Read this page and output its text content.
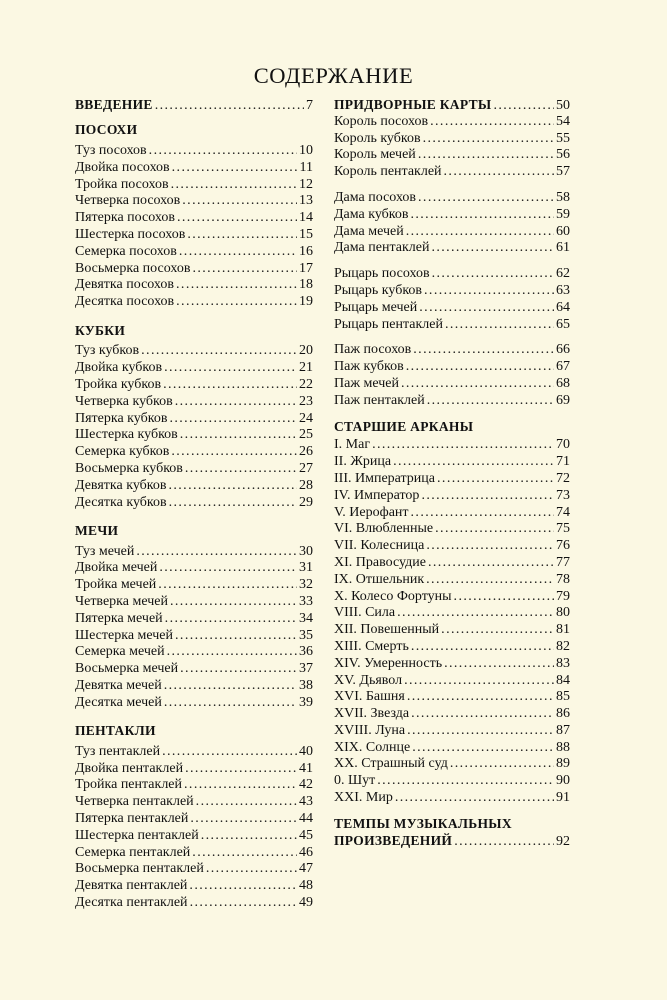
СОДЕРЖАНИЕ
ВВЕДЕНИЕ .....	7
ПОСОХИ
Туз посохов .....	10
Двойка посохов .....	11
Тройка посохов .....	12
Четверка посохов .....	13
Пятерка посохов .....	14
Шестерка посохов .....	15
Семерка посохов .....	16
Восьмерка посохов .....	17
Девятка посохов .....	18
Десятка посохов .....	19
КУБКИ
Туз кубков .....	20
Двойка кубков .....	21
Тройка кубков .....	22
Четверка кубков .....	23
Пятерка кубков .....	24
Шестерка кубков .....	25
Семерка кубков .....	26
Восьмерка кубков .....	27
Девятка кубков .....	28
Десятка кубков .....	29
МЕЧИ
Туз мечей .....	30
Двойка мечей .....	31
Тройка мечей .....	32
Четверка мечей .....	33
Пятерка мечей .....	34
Шестерка мечей .....	35
Семерка мечей .....	36
Восьмерка мечей .....	37
Девятка мечей .....	38
Десятка мечей .....	39
ПЕНТАКЛИ
Туз пентаклей .....	40
Двойка пентаклей .....	41
Тройка пентаклей .....	42
Четверка пентаклей .....	43
Пятерка пентаклей .....	44
Шестерка пентаклей .....	45
Семерка пентаклей .....	46
Восьмерка пентаклей .....	47
Девятка пентаклей .....	48
Десятка пентаклей .....	49
ПРИДВОРНЫЕ КАРТЫ .....	50
Король посохов .....	54
Король кубков .....	55
Король мечей .....	56
Король пентаклей .....	57
Дама посохов .....	58
Дама кубков .....	59
Дама мечей .....	60
Дама пентаклей .....	61
Рыцарь посохов .....	62
Рыцарь кубков .....	63
Рыцарь мечей .....	64
Рыцарь пентаклей .....	65
Паж посохов .....	66
Паж кубков .....	67
Паж мечей .....	68
Паж пентаклей .....	69
СТАРШИЕ АРКАНЫ
I. Маг .....	70
II. Жрица .....	71
III. Императрица .....	72
IV. Император .....	73
V. Иерофант .....	74
VI. Влюбленные .....	75
VII. Колесница .....	76
XI. Правосудие .....	77
IX. Отшельник .....	78
X. Колесо Фортуны .....	79
VIII. Сила .....	80
XII. Повешенный .....	81
XIII. Смерть .....	82
XIV. Умеренность .....	83
XV. Дьявол .....	84
XVI. Башня .....	85
XVII. Звезда .....	86
XVIII. Луна .....	87
XIX. Солнце .....	88
XX. Страшный суд .....	89
0. Шут .....	90
XXI. Мир .....	91
ТЕМПЫ МУЗЫКАЛЬНЫХ
ПРОИЗВЕДЕНИЙ .....	92
